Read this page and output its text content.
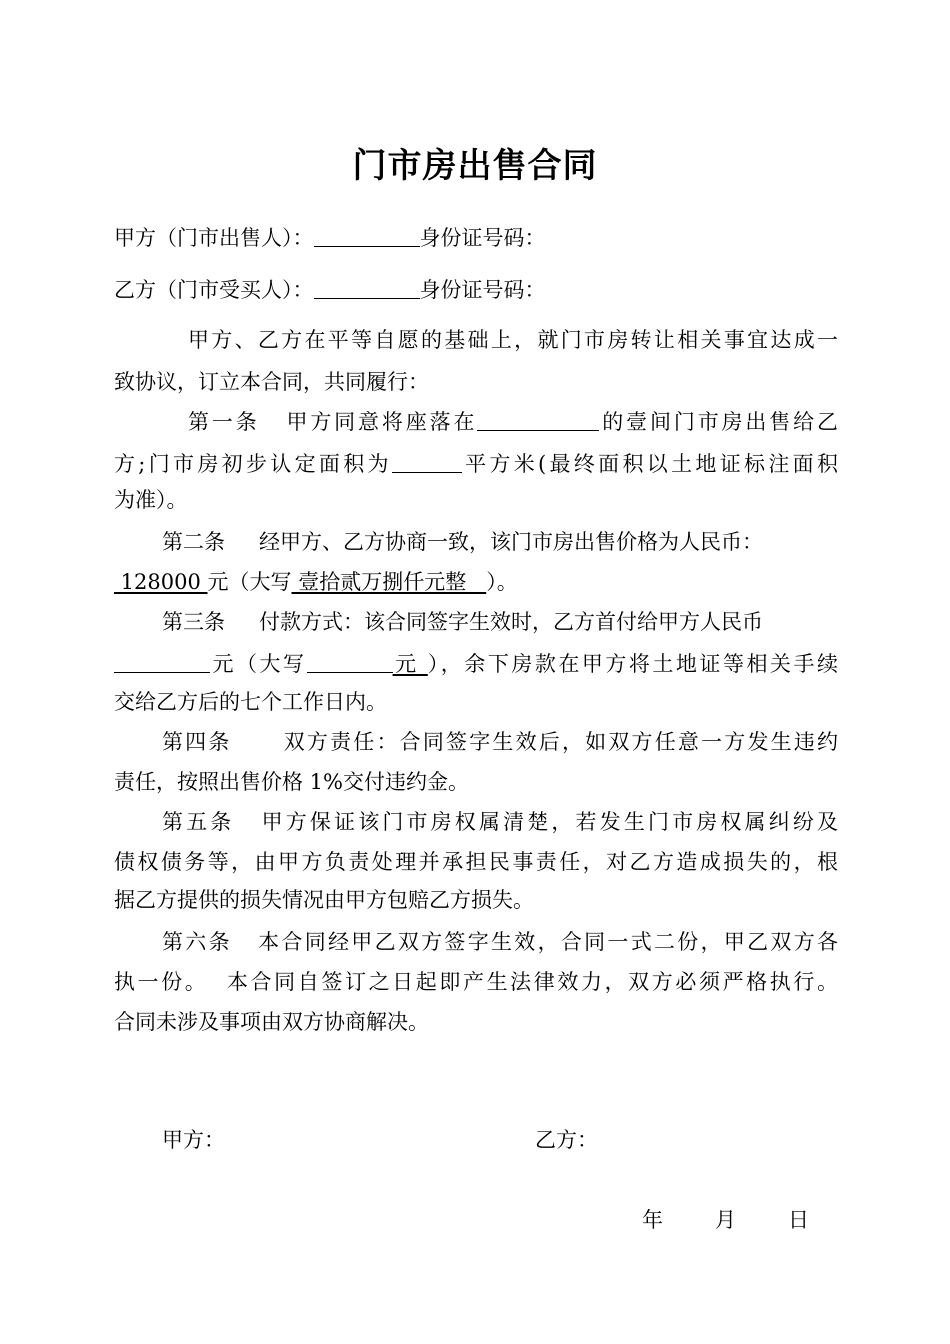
门市房出售合同

甲方（门市出售人）：	身份证号码：

乙方（门市受买人）：	身份证号码：

甲方、乙方在平等自愿的基础上，就门市房转让相关事宜达成一

致协议，订立本合同，共同履行：

第一条 甲方同意将座落在	的壹间门市房出售给乙

方;门市房初步认定面积为	平方米(最终面积以土地证标注面积

为准）。

第二条 经甲方、乙方协商一致，该门市房出售价格为人民币：

128000 元（大写 壹拾贰万捌仟元整   ）。

第三条 付款方式：该合同签字生效时，乙方首付给甲方人民币

元（大写	元 ），余下房款在甲方将土地证等相关手续

交给乙方后的七个工作日内。

第四条 双方责任：合同签字生效后，如双方任意一方发生违约

责任，按照出售价格 1%交付违约金。

第五条 甲方保证该门市房权属清楚，若发生门市房权属纠纷及

债权债务等，由甲方负责处理并承担民事责任，对乙方造成损失的，根

据乙方提供的损失情况由甲方包赔乙方损失。

第六条 本合同经甲乙双方签字生效，合同一式二份，甲乙双方各

执一份。  本合同自签订之日起即产生法律效力，双方必须严格执行。

合同未涉及事项由双方协商解决。

甲方：	乙方：

年 月 日
